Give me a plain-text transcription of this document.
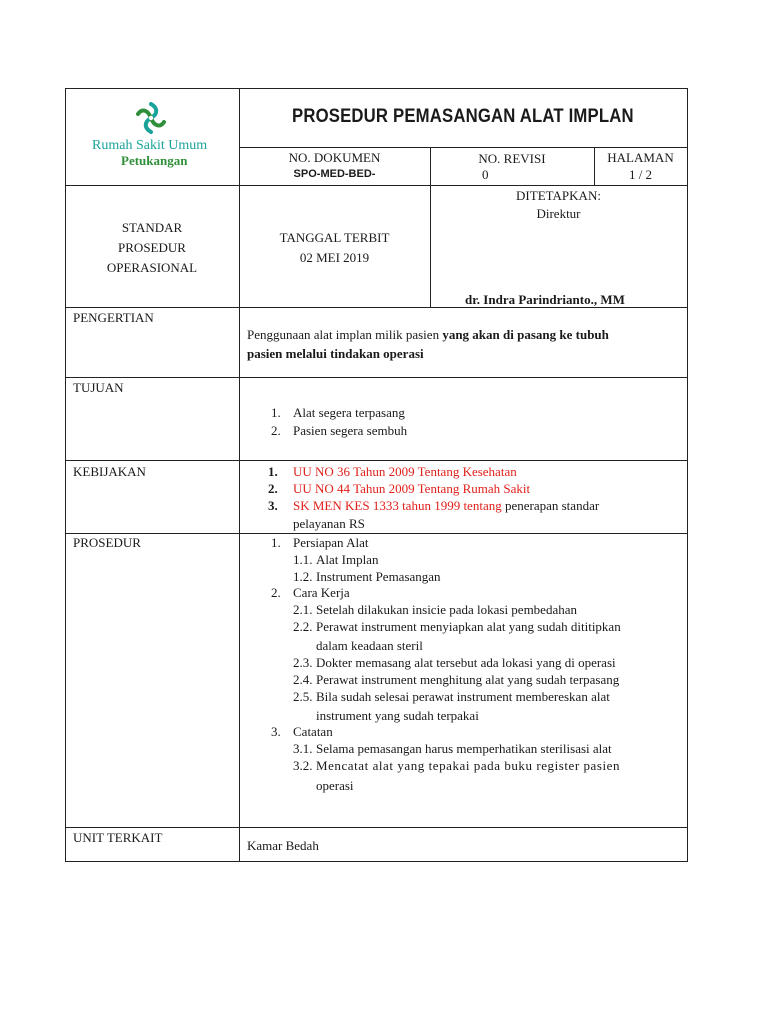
Rumah Sakit Umum
Petukangan
PROSEDUR PEMASANGAN ALAT IMPLAN
NO. DOKUMEN
SPO-MED-BED-
NO. REVISI
0
HALAMAN
1 / 2
STANDAR
PROSEDUR
OPERASIONAL
TANGGAL TERBIT
02 MEI 2019
DITETAPKAN:
Direktur
dr. Indra Parindrianto., MM
PENGERTIAN
Penggunaan alat implan milik pasien yang akan di pasang ke tubuh
pasien melalui tindakan operasi
TUJUAN
1. Alat segera terpasang
2. Pasien segera sembuh
KEBIJAKAN	1. UU NO 36 Tahun 2009 Tentang Kesehatan
2. UU NO 44 Tahun 2009 Tentang Rumah Sakit
3. SK MEN KES 1333 tahun 1999 tentang penerapan standar
pelayanan RS
PROSEDUR	1. Persiapan Alat
1.1. Alat Implan
1.2. Instrument Pemasangan
2. Cara Kerja
2.1. Setelah dilakukan insicie pada lokasi pembedahan
2.2. Perawat instrument menyiapkan alat yang sudah dititipkan
dalam keadaan steril
2.3. Dokter memasang alat tersebut ada lokasi yang di operasi
2.4. Perawat instrument menghitung alat yang sudah terpasang
2.5. Bila sudah selesai perawat instrument membereskan alat
instrument yang sudah terpakai
3. Catatan
3.1. Selama pemasangan harus memperhatikan sterilisasi alat
3.2. Mencatat alat yang tepakai pada buku register pasien
operasi
UNIT TERKAIT
Kamar Bedah
